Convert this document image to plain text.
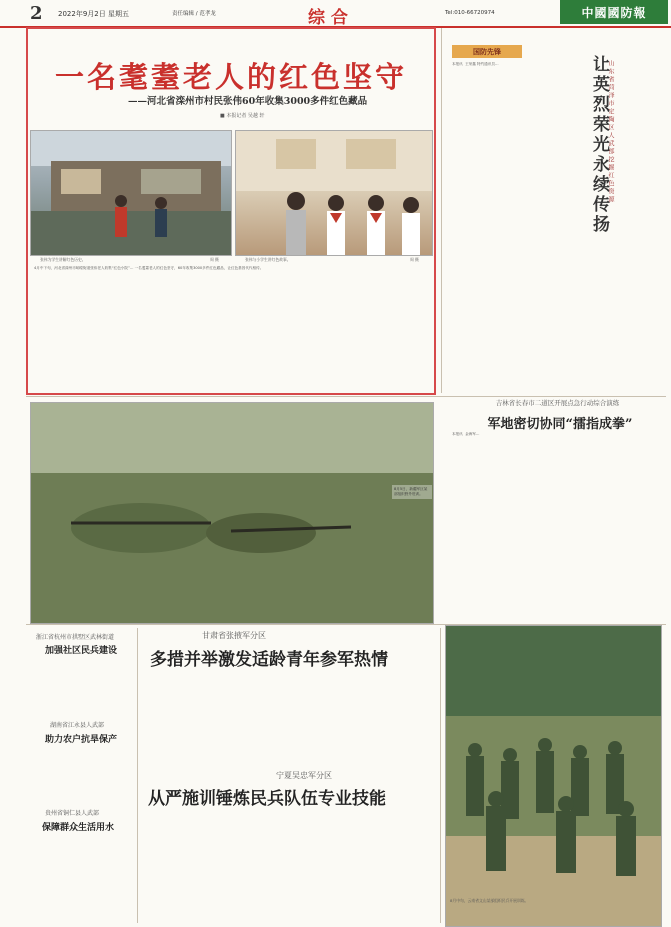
2 2022年9月2日 星期五	责任编辑 / 范孝龙	综 合	Tel:010-66720974	中國國防報
一名耄耋老人的红色坚守
——河北省滦州市村民张伟60年收集3000多件红色藏品
■ 本报记者 吴越 轩
张伟为学生讲解红色历史。	周 摄	张伟与小学生讲红色故事。	周 摄
4月中下旬，河北省滦州市响嘡街道张伟老人收集“红色小院”… 一名耄耋老人的红色坚守，60年收集3000多件红色藏品，让红色基因代代相传。
国防先锋
本报讯  王荣鑫 特约通讯员…	让英烈荣光永续传扬
山东省菏泽市定陶区人武部挖掘红色资源
8月5日，新疆军区某部组织野外驻训。
吉林省长春市二道区开展点急行动综合演练
军地密切协同“擂指成拳”
本报讯  金海军…
浙江省杭州市拱墅区武林街道
加强社区民兵建设
湖南省江永县人武部
助力农户抗旱保产
贵州省铜仁县人武部
保障群众生活用水
甘肃省张掖军分区
多措并举激发适龄青年参军热情
宁夏吴忠军分区
从严施训锤炼民兵队伍专业技能
8月中旬，云南省文山某部组织民兵开展训练。
